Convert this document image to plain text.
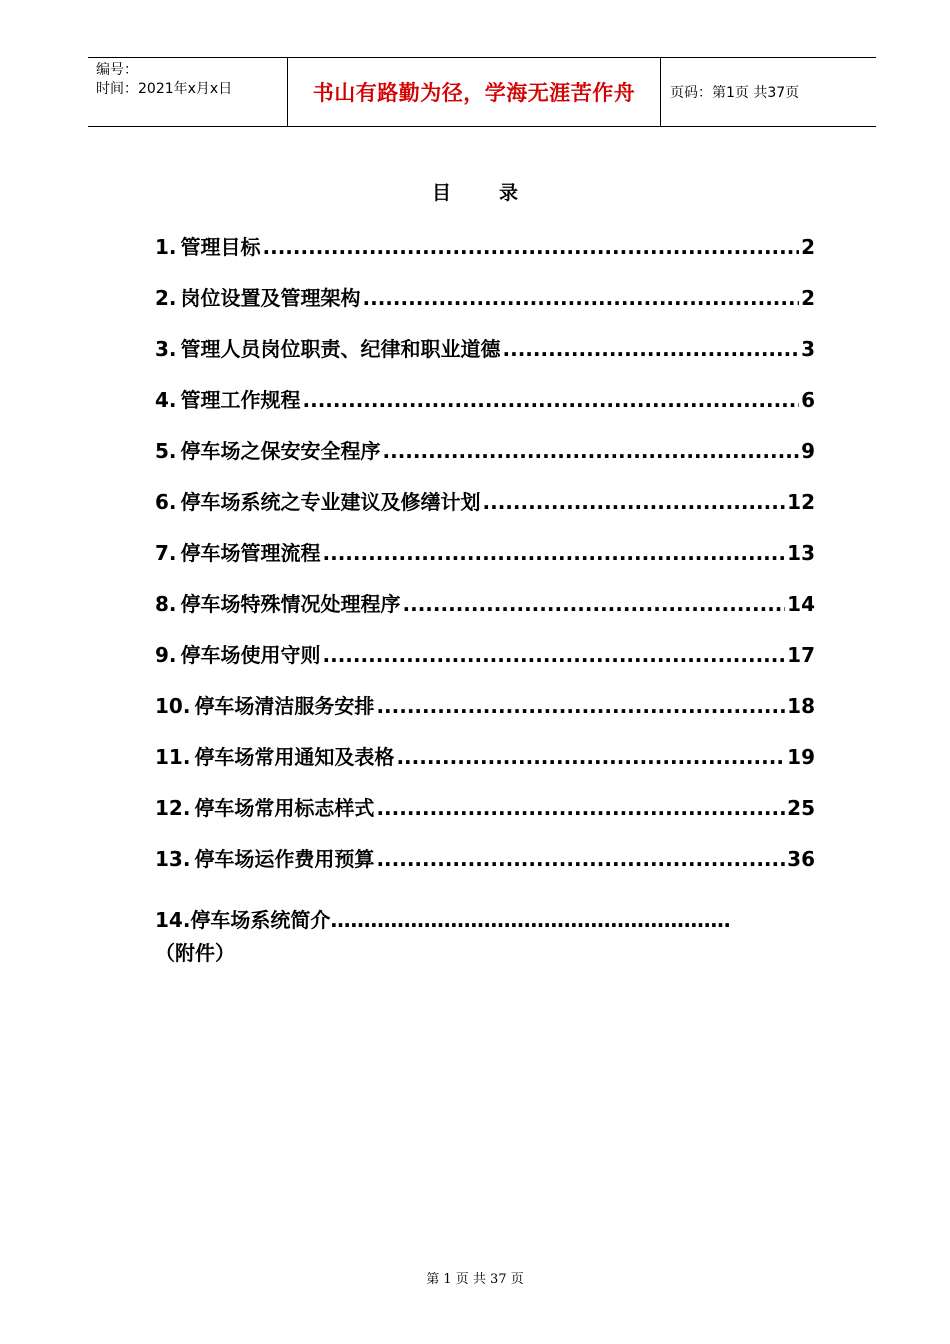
编号：
时间：2021年x月x日	书山有路勤为径，学海无涯苦作舟 页码：第1页 共37页
目	录
1. 管理目标 .....	2
2. 岗位设置及管理架构 .....	2
3. 管理人员岗位职责、纪律和职业道德 .....	3
4. 管理工作规程 .....	6
5. 停车场之保安安全程序 .....	9
6. 停车场系统之专业建议及修缮计划 .....	12
7. 停车场管理流程 .....	13
8. 停车场特殊情况处理程序 .....	14
9. 停车场使用守则 .....	17
10. 停车场清洁服务安排 .....	18
11. 停车场常用通知及表格 .....	19
12. 停车场常用标志样式 .....	25
13. 停车场运作费用预算 .....	36
14.停车场系统简介…………………………………………………… （附件）
第 1 页 共 37 页
